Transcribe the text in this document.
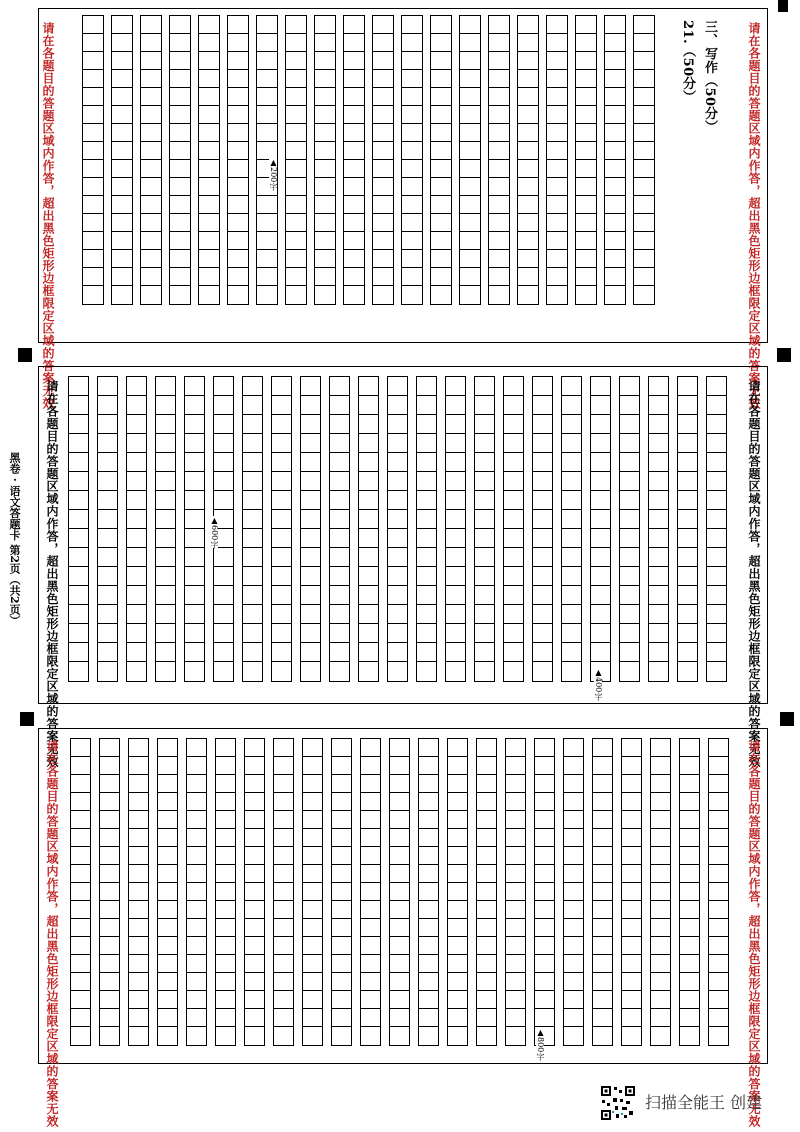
请在各题目的答题区域内作答，超出黑色矩形边框限定区域的答案无效
请在各题目的答题区域内作答，超出黑色矩形边框限定区域的答案无效	三、写作（50分）
21.（50分）
▲200字
请在各题目的答题区域内作答，超出黑色矩形边框限定区域的答案无效
请在各题目的答题区域内作答，超出黑色矩形边框限定区域的答案无效	▲600字
▲400字
黑卷 · 语文答题卡 第2页（共2页）
请在各题目的答题区域内作答，超出黑色矩形边框限定区域的答案无效
请在各题目的答题区域内作答，超出黑色矩形边框限定区域的答案无效	▲800字
扫描全能王 创建
